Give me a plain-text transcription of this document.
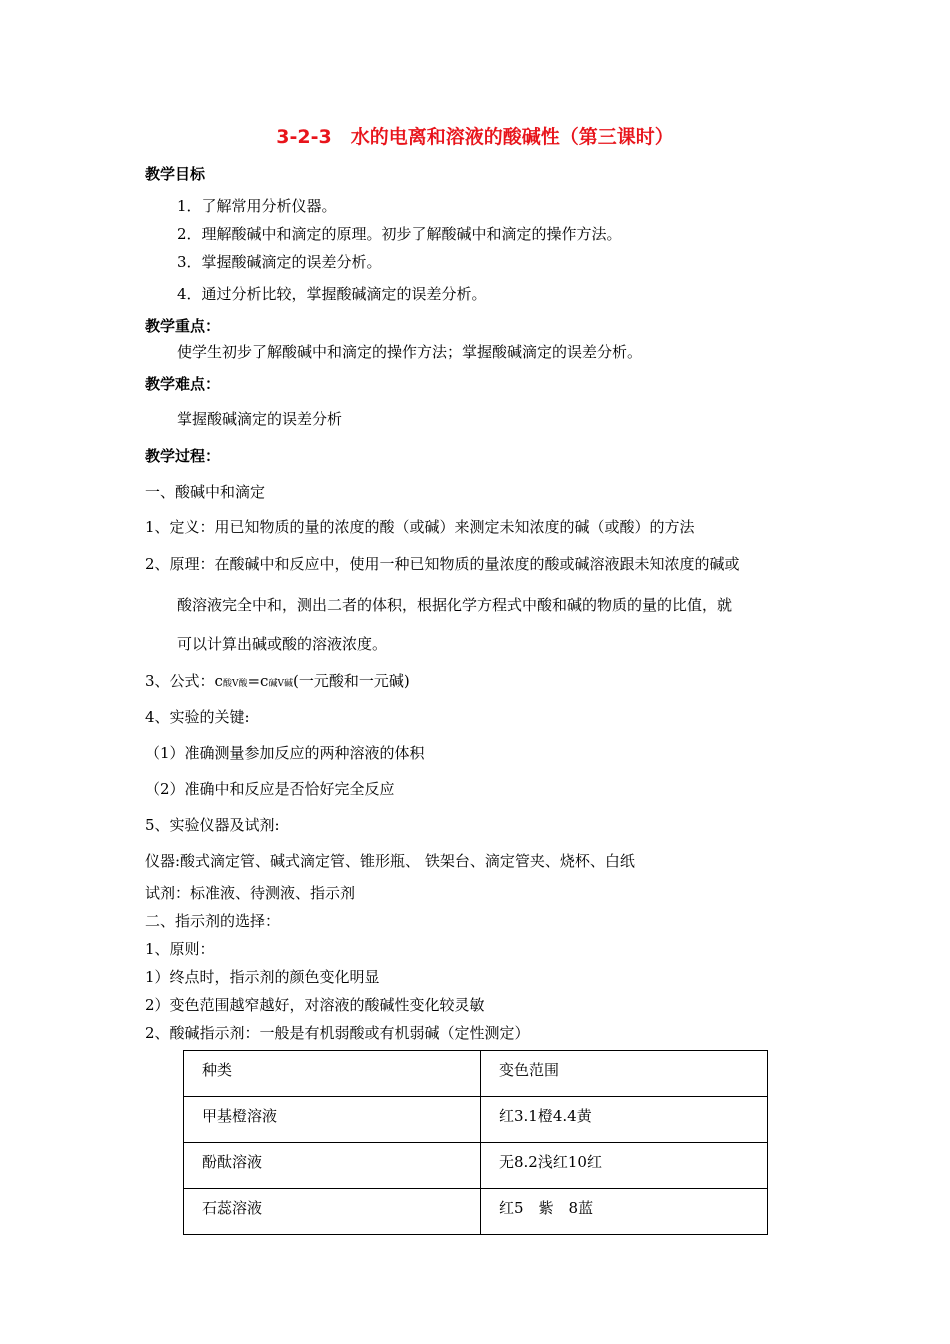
3-2-3　水的电离和溶液的酸碱性（第三课时）
教学目标
1．了解常用分析仪器。
2．理解酸碱中和滴定的原理。初步了解酸碱中和滴定的操作方法。
3．掌握酸碱滴定的误差分析。
4．通过分析比较，掌握酸碱滴定的误差分析。
教学重点：
使学生初步了解酸碱中和滴定的操作方法；掌握酸碱滴定的误差分析。
教学难点：
掌握酸碱滴定的误差分析
教学过程：
一、酸碱中和滴定
1、定义：用已知物质的量的浓度的酸（或碱）来测定未知浓度的碱（或酸）的方法
2、原理：在酸碱中和反应中，使用一种已知物质的量浓度的酸或碱溶液跟未知浓度的碱或
酸溶液完全中和，测出二者的体积，根据化学方程式中酸和碱的物质的量的比值，就
可以计算出碱或酸的溶液浓度。
3、公式：c酸V酸=c碱V碱(一元酸和一元碱)
4、实验的关键:
（1）准确测量参加反应的两种溶液的体积
（2）准确中和反应是否恰好完全反应
5、实验仪器及试剂:
仪器:酸式滴定管、碱式滴定管、锥形瓶、 铁架台、滴定管夹、烧杯、白纸
试剂：标准液、待测液、指示剂
二、指示剂的选择：
1、原则：
1）终点时，指示剂的颜色变化明显
2）变色范围越窄越好，对溶液的酸碱性变化较灵敏
2、酸碱指示剂：一般是有机弱酸或有机弱碱（定性测定）
种类	变色范围
甲基橙溶液	红3.1橙4.4黄
酚酞溶液	无8.2浅红10红
石蕊溶液	红5　紫　8蓝
